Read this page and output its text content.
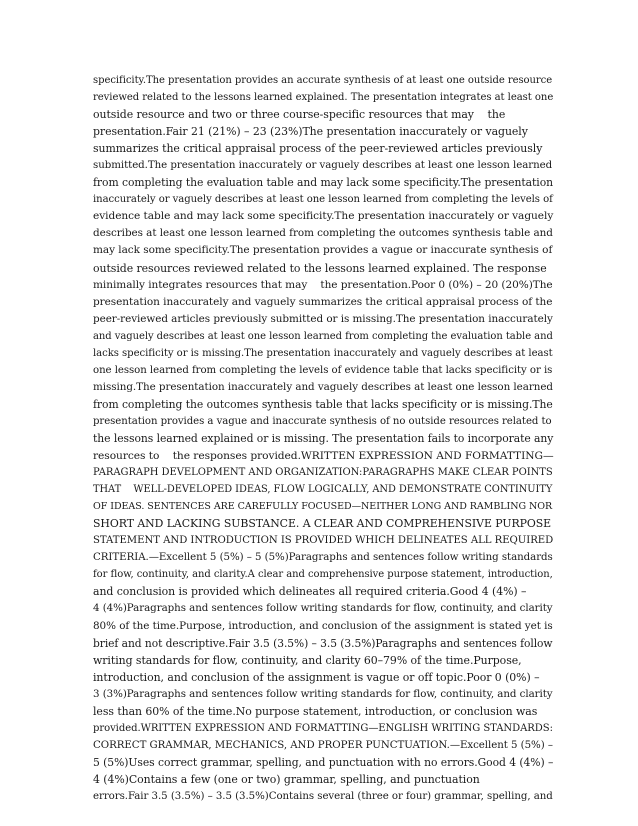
specificity.The presentation provides an accurate synthesis of at least one outside resource
reviewed related to the lessons learned explained. The presentation integrates at least one
outside resource and two or three course-specific resources that may    the
presentation.Fair 21 (21%) – 23 (23%)The presentation inaccurately or vaguely
summarizes the critical appraisal process of the peer-reviewed articles previously
submitted.The presentation inaccurately or vaguely describes at least one lesson learned
from completing the evaluation table and may lack some specificity.The presentation
inaccurately or vaguely describes at least one lesson learned from completing the levels of
evidence table and may lack some specificity.The presentation inaccurately or vaguely
describes at least one lesson learned from completing the outcomes synthesis table and
may lack some specificity.The presentation provides a vague or inaccurate synthesis of
outside resources reviewed related to the lessons learned explained. The response
minimally integrates resources that may    the presentation.Poor 0 (0%) – 20 (20%)The
presentation inaccurately and vaguely summarizes the critical appraisal process of the
peer-reviewed articles previously submitted or is missing.The presentation inaccurately
and vaguely describes at least one lesson learned from completing the evaluation table and
lacks specificity or is missing.The presentation inaccurately and vaguely describes at least
one lesson learned from completing the levels of evidence table that lacks specificity or is
missing.The presentation inaccurately and vaguely describes at least one lesson learned
from completing the outcomes synthesis table that lacks specificity or is missing.The
presentation provides a vague and inaccurate synthesis of no outside resources related to
the lessons learned explained or is missing. The presentation fails to incorporate any
resources to    the responses provided.WRITTEN EXPRESSION AND FORMATTING—
PARAGRAPH DEVELOPMENT AND ORGANIZATION:PARAGRAPHS MAKE CLEAR POINTS
THAT    WELL-DEVELOPED IDEAS, FLOW LOGICALLY, AND DEMONSTRATE CONTINUITY
OF IDEAS. SENTENCES ARE CAREFULLY FOCUSED—NEITHER LONG AND RAMBLING NOR
SHORT AND LACKING SUBSTANCE. A CLEAR AND COMPREHENSIVE PURPOSE
STATEMENT AND INTRODUCTION IS PROVIDED WHICH DELINEATES ALL REQUIRED
CRITERIA.—Excellent 5 (5%) – 5 (5%)Paragraphs and sentences follow writing standards
for flow, continuity, and clarity.A clear and comprehensive purpose statement, introduction,
and conclusion is provided which delineates all required criteria.Good 4 (4%) –
4 (4%)Paragraphs and sentences follow writing standards for flow, continuity, and clarity
80% of the time.Purpose, introduction, and conclusion of the assignment is stated yet is
brief and not descriptive.Fair 3.5 (3.5%) – 3.5 (3.5%)Paragraphs and sentences follow
writing standards for flow, continuity, and clarity 60–79% of the time.Purpose,
introduction, and conclusion of the assignment is vague or off topic.Poor 0 (0%) –
3 (3%)Paragraphs and sentences follow writing standards for flow, continuity, and clarity
less than 60% of the time.No purpose statement, introduction, or conclusion was
provided.WRITTEN EXPRESSION AND FORMATTING—ENGLISH WRITING STANDARDS:
CORRECT GRAMMAR, MECHANICS, AND PROPER PUNCTUATION.—Excellent 5 (5%) –
5 (5%)Uses correct grammar, spelling, and punctuation with no errors.Good 4 (4%) –
4 (4%)Contains a few (one or two) grammar, spelling, and punctuation
errors.Fair 3.5 (3.5%) – 3.5 (3.5%)Contains several (three or four) grammar, spelling, and
